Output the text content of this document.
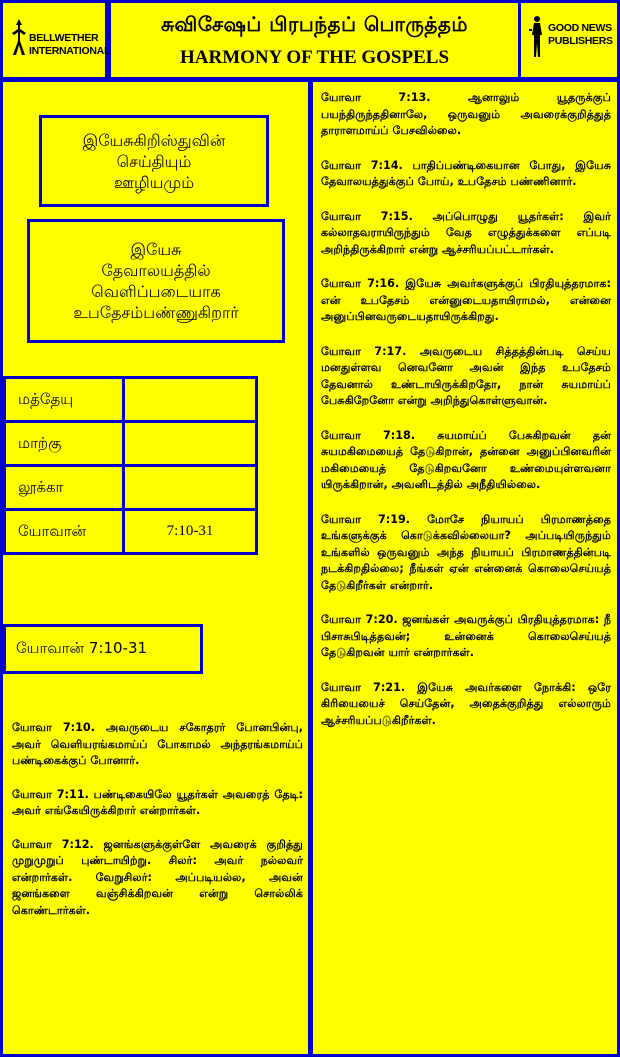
BELLWETHER
INTERNATIONAL
சுவிசேஷப் பிரபந்தப் பொருத்தம்
HARMONY OF THE GOSPELS
GOOD NEWS
PUBLISHERS
இயேசுகிறிஸ்துவின்
செய்தியும்
ஊழியமும்
இயேசு
தேவாலயத்தில்
வெளிப்படையாக
உபதேசம்பண்ணுகிறார்
மத்தேயு	
மாற்கு	
லூக்கா	
யோவான்	7:10-31
யோவான் 7:10-31

யோவா 7:10. அவருடைய சகோதரர் போனபின்பு, அவர் வெளியரங்கமாய்ப் போகாமல் அந்தரங்கமாய்ப் பண்டிகைக்குப் போனார்.

யோவா 7:11. பண்டிகையிலே யூதர்கள் அவரைத் தேடி: அவர் எங்கேயிருக்கிறார் என்றார்கள்.

யோவா 7:12. ஜனங்களுக்குள்ளே அவரைக் குறித்து முறுமுறுப் புண்டாயிற்று. சிலர்: அவர் நல்லவர் என்றார்கள். வேறுசிலர்: அப்படியல்ல, அவன் ஜனங்களை வஞ்சிக்கிறவன் என்று சொல்லிக் கொண்டார்கள்.

யோவா 7:13. ஆனாலும் யூதருக்குப் பயந்திருந்ததினாலே, ஒருவனும் அவரைக்குறித்துத் தாராளமாய்ப் பேசவில்லை.

யோவா 7:14. பாதிப்பண்டிகையான போது, இயேசு தேவாலயத்துக்குப் போய், உபதேசம் பண்ணினார்.

யோவா 7:15. அப்பொழுது யூதர்கள்: இவர் கல்லாதவராயிருந்தும் வேத எழுத்துக்களை எப்படி அறிந்திருக்கிறார் என்று ஆச்சரியப்பட்டார்கள்.

யோவா 7:16. இயேசு அவர்களுக்குப் பிரதியுத்தரமாக: என் உபதேசம் என்னுடையதாயிராமல், என்னை அனுப்பினவருடையதாயிருக்கிறது.

யோவா 7:17. அவருடைய சித்தத்தின்படி செய்ய மனதுள்ளவ னெவனோ அவன் இந்த உபதேசம் தேவனால் உண்டாயிருக்கிறதோ, நான் சுயமாய்ப் பேசுகிறேனோ என்று அறிந்துகொள்ளுவான்.

யோவா 7:18. சுயமாய்ப் பேசுகிறவன் தன் சுயமகிமையைத் தேடுகிறான், தன்னை அனுப்பினவரின் மகிமையைத் தேடுகிறவனோ உண்மையுள்ளவனா யிருக்கிறான், அவனிடத்தில் அநீதியில்லை.

யோவா 7:19. மோசே நியாயப் பிரமாணத்தை உங்களுக்குக் கொடுக்கவில்லையா? அப்படியிருந்தும் உங்களில் ஒருவனும் அந்த நியாயப் பிரமாணத்தின்படி நடக்கிறதில்லை; நீங்கள் ஏன் என்னைக் கொலைசெய்யத் தேடுகிறீர்கள் என்றார்.

யோவா 7:20. ஜனங்கள் அவருக்குப் பிரதியுத்தரமாக: நீ பிசாசுபிடித்தவன்; உன்னைக் கொலைசெய்யத் தேடுகிறவன் யார் என்றார்கள்.

யோவா 7:21. இயேசு அவர்களை நோக்கி: ஒரே கிரியையைச் செய்தேன், அதைக்குறித்து எல்லாரும் ஆச்சரியப்படுகிறீர்கள்.
